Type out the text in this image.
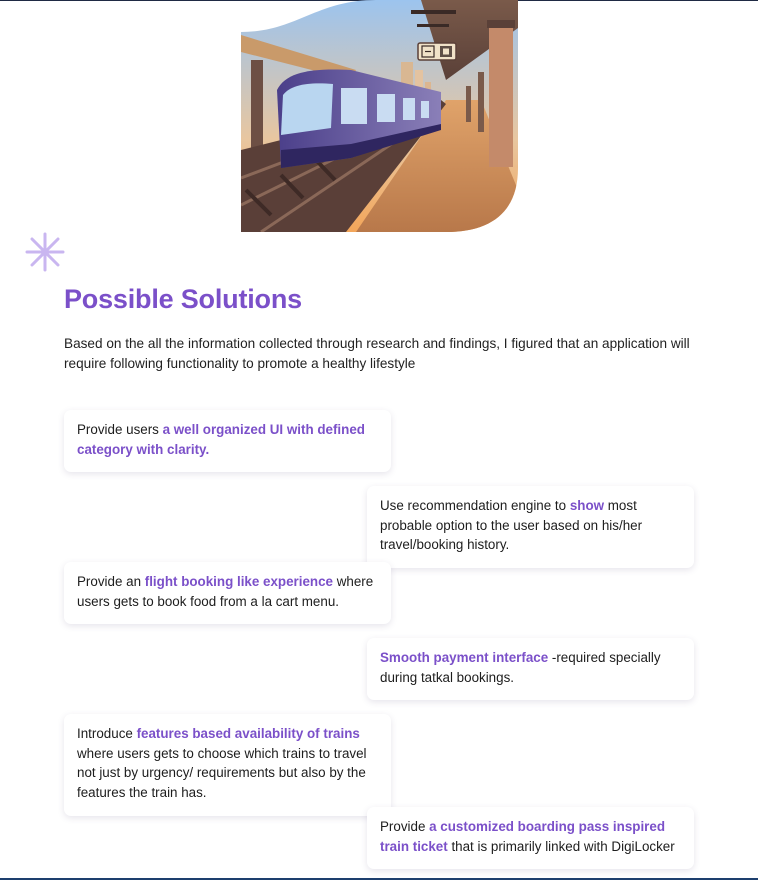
Possible Solutions

Based on the all the information collected through research and findings, I figured that an application will require following functionality to promote a healthy lifestyle

Provide users a well organized UI with defined category with clarity.
Use recommendation engine to show most probable option to the user based on his/her travel/booking history.
Provide an flight booking like experience where users gets to book food from a la cart menu.
Smooth payment interface -required specially during tatkal bookings.
Introduce features based availability of trains where users gets to choose which trains to travel not just by urgency/ requirements but also by the features the train has.
Provide a customized boarding pass inspired train ticket that is primarily linked with DigiLocker
